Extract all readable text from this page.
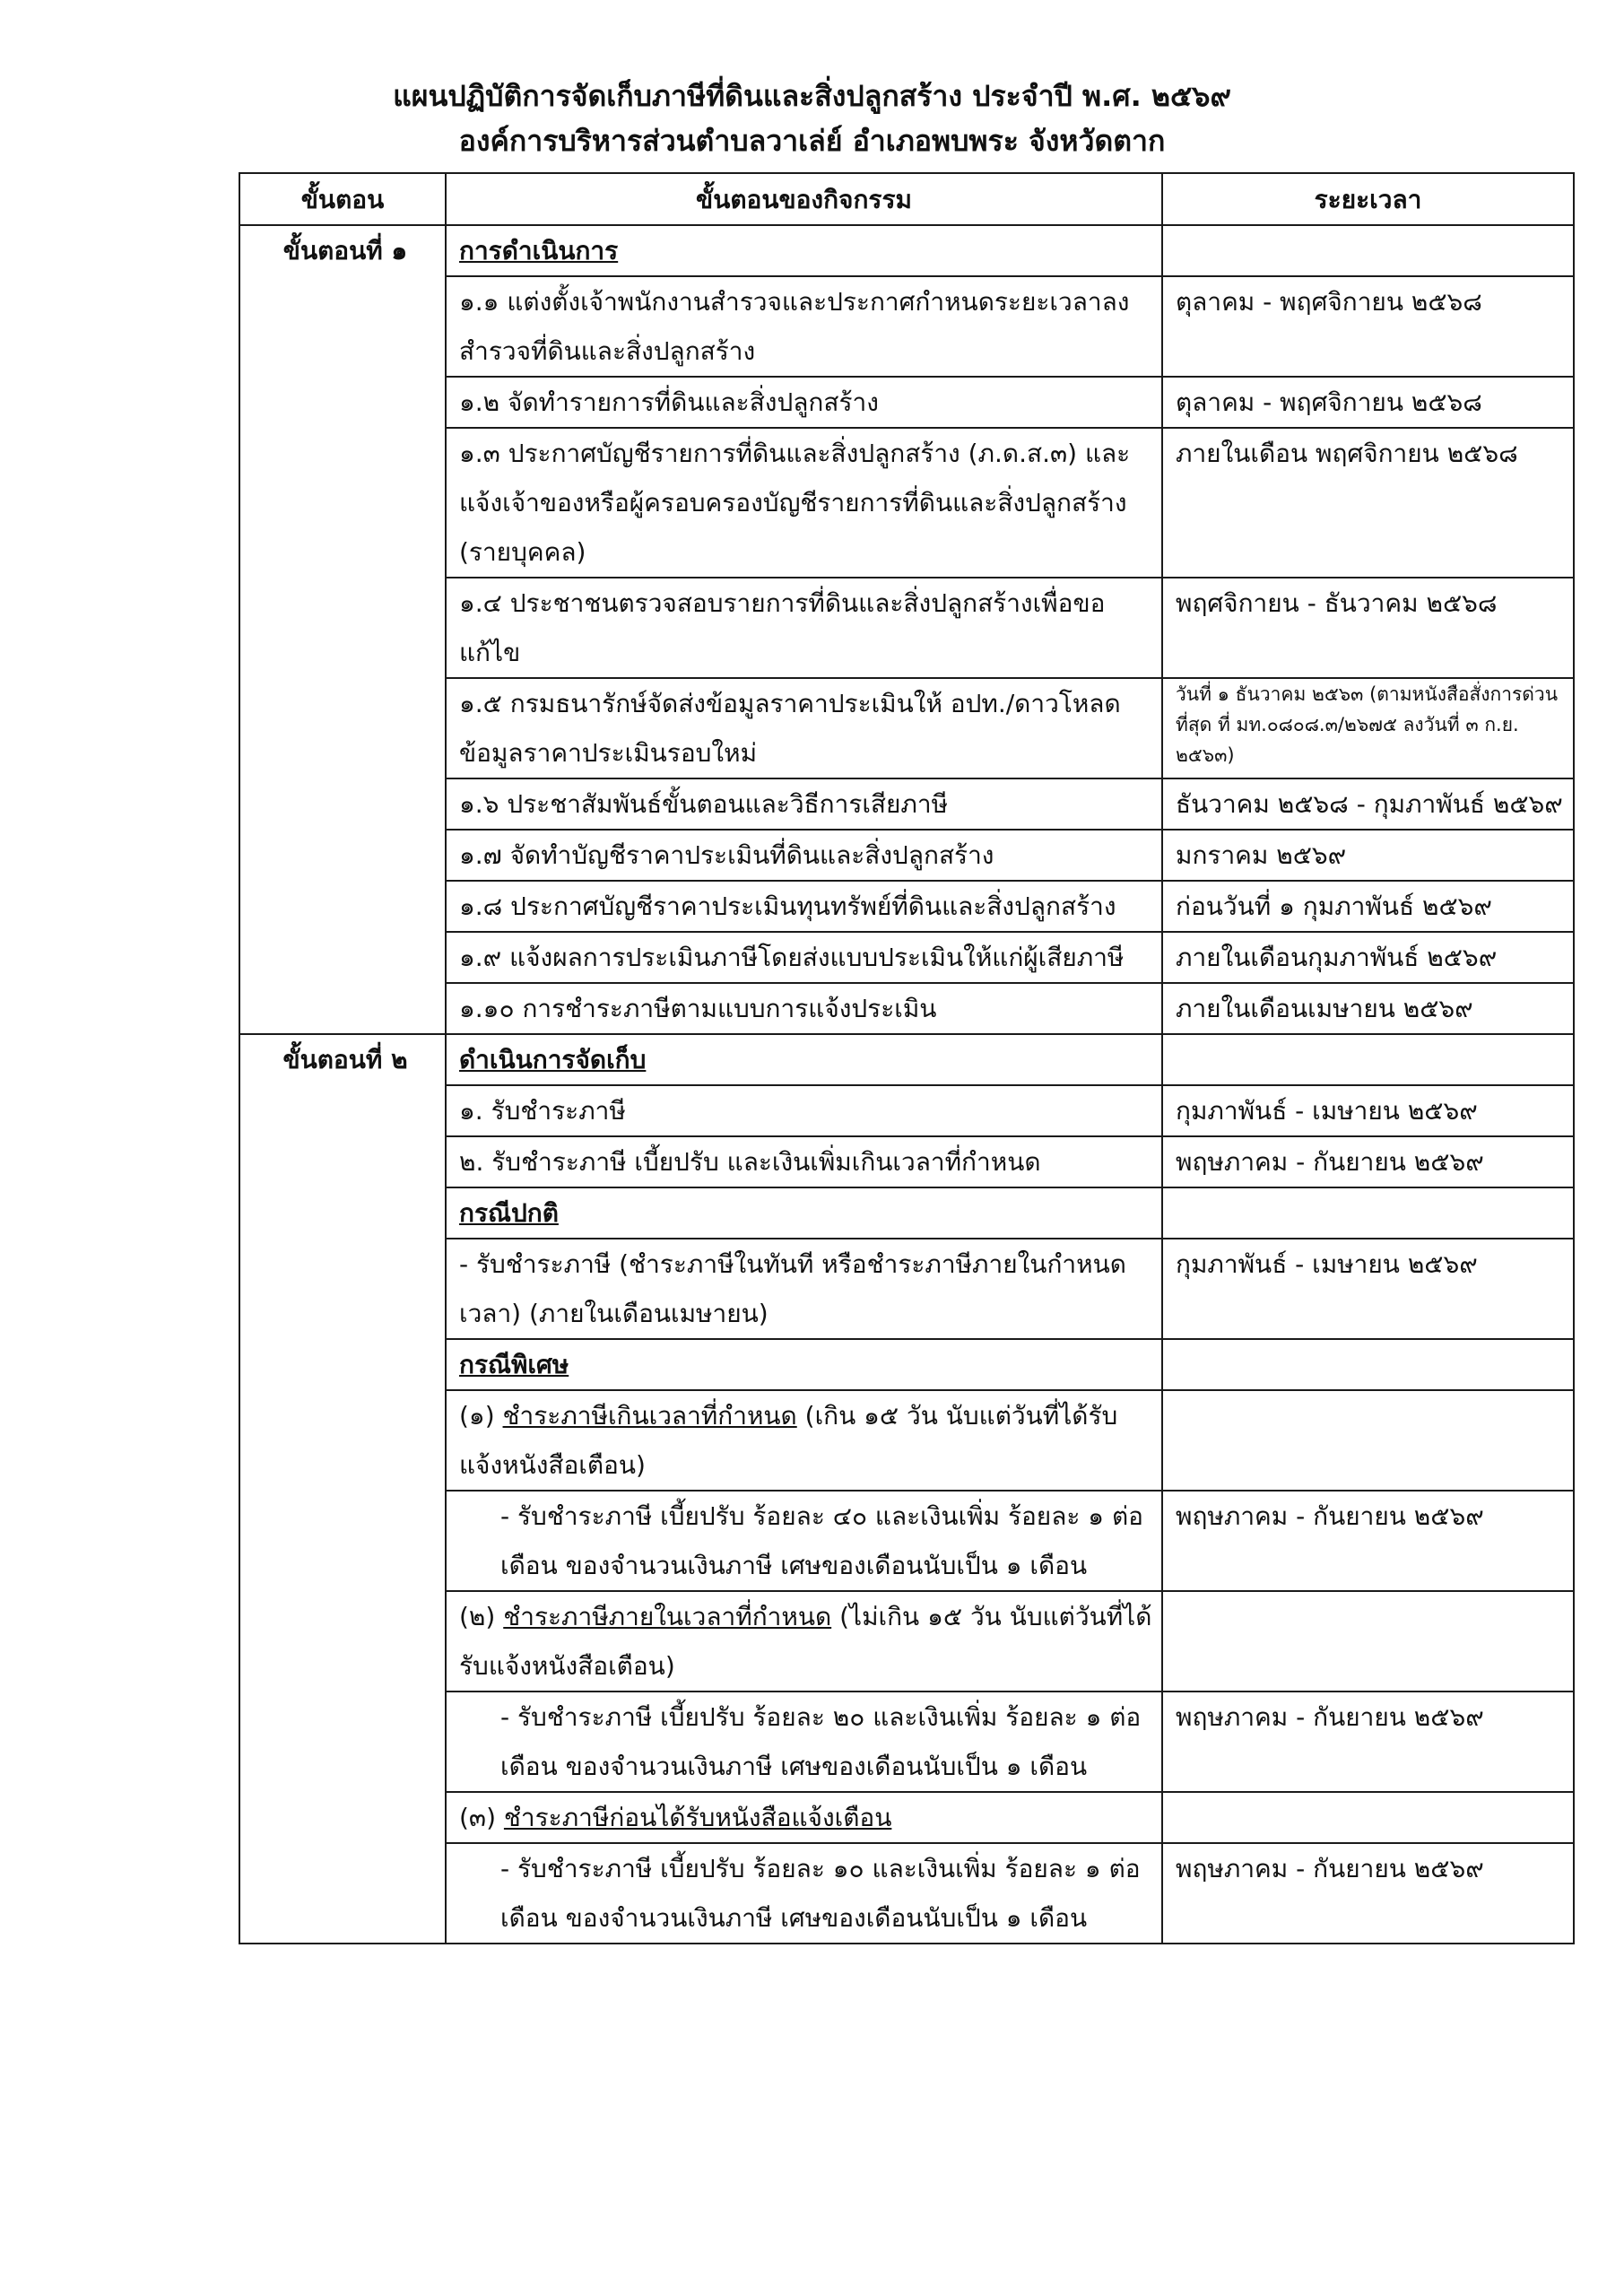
แผนปฏิบัติการจัดเก็บภาษีที่ดินและสิ่งปลูกสร้าง ประจำปี พ.ศ. ๒๕๖๙
องค์การบริหารส่วนตำบลวาเล่ย์ อำเภอพบพระ จังหวัดตาก
ขั้นตอน	ขั้นตอนของกิจกรรม	ระยะเวลา
ขั้นตอนที่ ๑	การดำเนินการ	
	๑.๑ แต่งตั้งเจ้าพนักงานสำรวจและประกาศกำหนดระยะเวลาลงสำรวจที่ดินและสิ่งปลูกสร้าง	ตุลาคม - พฤศจิกายน ๒๕๖๘
	๑.๒ จัดทำรายการที่ดินและสิ่งปลูกสร้าง	ตุลาคม - พฤศจิกายน ๒๕๖๘
	๑.๓ ประกาศบัญชีรายการที่ดินและสิ่งปลูกสร้าง (ภ.ด.ส.๓) และแจ้งเจ้าของหรือผู้ครอบครองบัญชีรายการที่ดินและสิ่งปลูกสร้าง (รายบุคคล)	ภายในเดือน พฤศจิกายน ๒๕๖๘
	๑.๔ ประชาชนตรวจสอบรายการที่ดินและสิ่งปลูกสร้างเพื่อขอแก้ไข	พฤศจิกายน - ธันวาคม ๒๕๖๘
	๑.๕ กรมธนารักษ์จัดส่งข้อมูลราคาประเมินให้ อปท./ดาวโหลดข้อมูลราคาประเมินรอบใหม่	วันที่ ๑ ธันวาคม ๒๕๖๓ (ตามหนังสือสั่งการด่วนที่สุด ที่ มท.๐๘๐๘.๓/๒๖๗๕ ลงวันที่ ๓ ก.ย. ๒๕๖๓)
	๑.๖ ประชาสัมพันธ์ขั้นตอนและวิธีการเสียภาษี	ธันวาคม ๒๕๖๘ - กุมภาพันธ์ ๒๕๖๙
	๑.๗ จัดทำบัญชีราคาประเมินที่ดินและสิ่งปลูกสร้าง	มกราคม ๒๕๖๙
	๑.๘ ประกาศบัญชีราคาประเมินทุนทรัพย์ที่ดินและสิ่งปลูกสร้าง	ก่อนวันที่ ๑ กุมภาพันธ์ ๒๕๖๙
	๑.๙ แจ้งผลการประเมินภาษีโดยส่งแบบประเมินให้แก่ผู้เสียภาษี	ภายในเดือนกุมภาพันธ์ ๒๕๖๙
	๑.๑๐ การชำระภาษีตามแบบการแจ้งประเมิน	ภายในเดือนเมษายน ๒๕๖๙
ขั้นตอนที่ ๒	ดำเนินการจัดเก็บ	
	๑. รับชำระภาษี	กุมภาพันธ์ - เมษายน ๒๕๖๙
	๒. รับชำระภาษี เบี้ยปรับ และเงินเพิ่มเกินเวลาที่กำหนด	พฤษภาคม - กันยายน ๒๕๖๙
	กรณีปกติ	
	- รับชำระภาษี (ชำระภาษีในทันที หรือชำระภาษีภายในกำหนดเวลา) (ภายในเดือนเมษายน)	กุมภาพันธ์ - เมษายน ๒๕๖๙
	กรณีพิเศษ	
	(๑) ชำระภาษีเกินเวลาที่กำหนด (เกิน ๑๕ วัน นับแต่วันที่ได้รับแจ้งหนังสือเตือน)	
	- รับชำระภาษี เบี้ยปรับ ร้อยละ ๔๐ และเงินเพิ่ม ร้อยละ ๑ ต่อเดือน ของจำนวนเงินภาษี เศษของเดือนนับเป็น ๑ เดือน	พฤษภาคม - กันยายน ๒๕๖๙
	(๒) ชำระภาษีภายในเวลาที่กำหนด (ไม่เกิน ๑๕ วัน นับแต่วันที่ได้รับแจ้งหนังสือเตือน)	
	- รับชำระภาษี เบี้ยปรับ ร้อยละ ๒๐ และเงินเพิ่ม ร้อยละ ๑ ต่อเดือน ของจำนวนเงินภาษี เศษของเดือนนับเป็น ๑ เดือน	พฤษภาคม - กันยายน ๒๕๖๙
	(๓) ชำระภาษีก่อนได้รับหนังสือแจ้งเตือน	
	- รับชำระภาษี เบี้ยปรับ ร้อยละ ๑๐ และเงินเพิ่ม ร้อยละ ๑ ต่อเดือน ของจำนวนเงินภาษี เศษของเดือนนับเป็น ๑ เดือน	พฤษภาคม - กันยายน ๒๕๖๙
